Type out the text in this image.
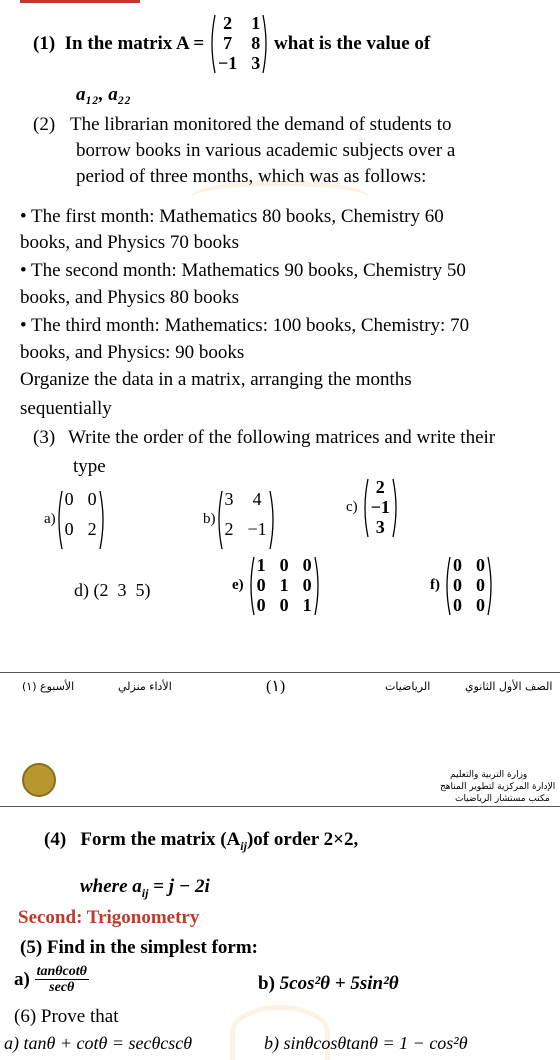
(1)
In the matrix A =

2 1
7 8
−1 3

what is the value of
a₁₂, a₂₂
(2) The librarian monitored the demand of students to
borrow books in various academic subjects over a
period of three months, which was as follows:
• The first month: Mathematics 80 books, Chemistry 60
books, and Physics 70 books
• The second month: Mathematics 90 books, Chemistry 50
books, and Physics 80 books
• The third month: Mathematics: 100 books, Chemistry: 70
books, and Physics: 90 books
Organize the data in a matrix, arranging the months
sequentially
(3) Write the order of the following matrices and write their
type
a)
0 0
0 2	b)
3 4
2 −1
c)

2
−1
3
d) (2  3  5)	e)

1 0 0
0 1 0
0 0 1
f)

0 0
0 0
0 0
الصف الأول الثانوي
الرياضيات
(١)
الأداء منزلي
الأسبوع (١)
وزارة التربية والتعليم
الإدارة المركزية لتطوير المناهج
مكتب مستشار الرياضيات
(4) Form the matrix $(A_{ij})of$ order 2×2,
where $a_{ij} = j - 2i$
Second: Trigonometry
(5) Find in the simplest form:
a)
$\frac{\tan\theta\cot\theta}{\sec\theta}$	b) 5cos²θ + 5sin²θ
(6) Prove that
a) tanθ + cotθ = secθcscθ	b) sinθcosθtanθ = 1 − cos²θ
